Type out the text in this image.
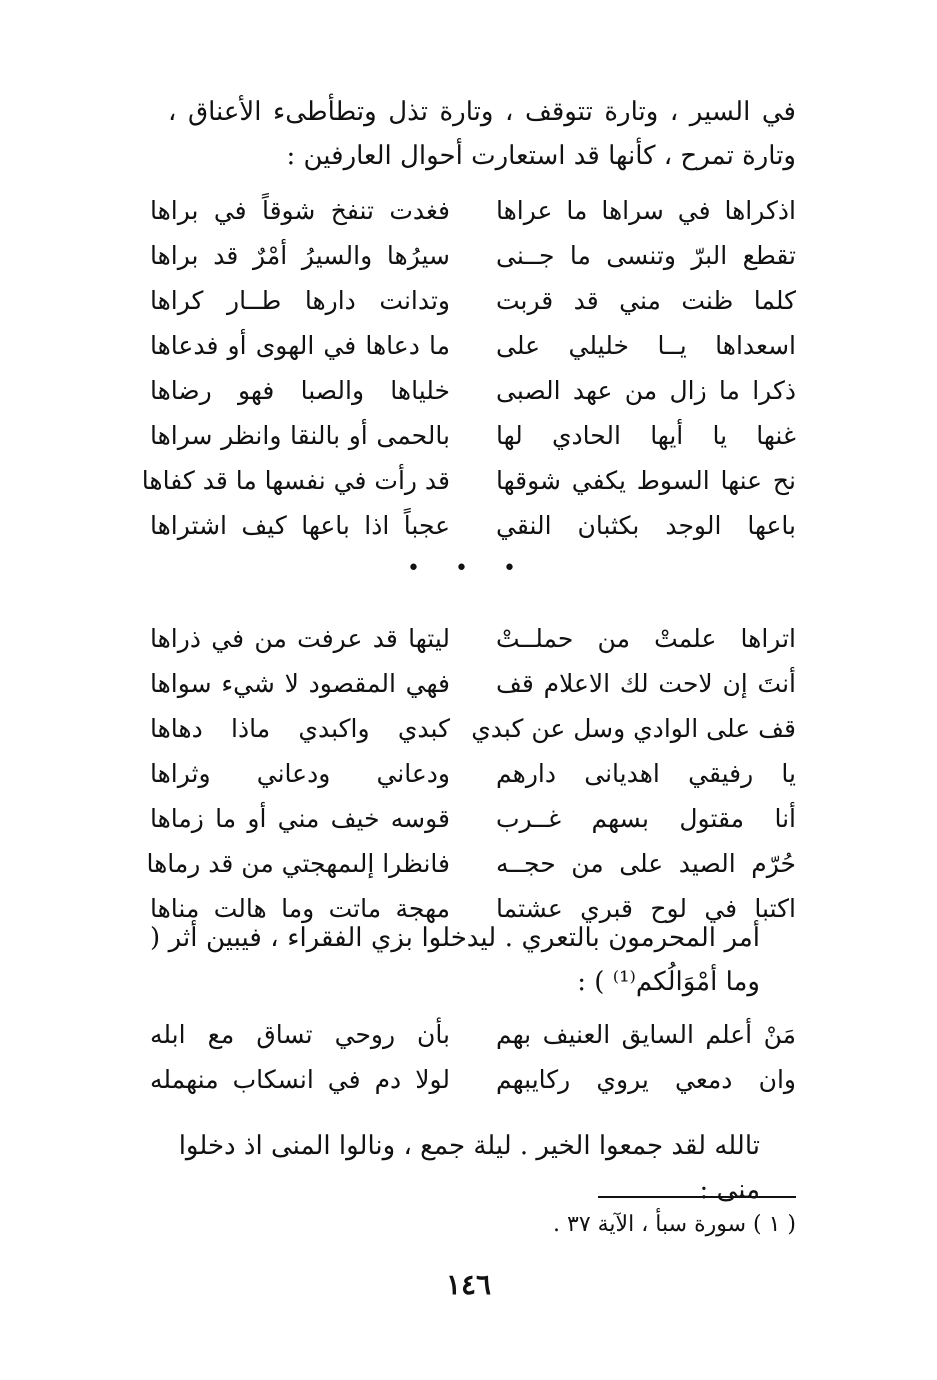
في السير ، وتارة تتوقف ، وتارة تذل وتطأطىء الأعناق ، وتارة تمرح ، كأنها قد استعارت أحوال العارفين :

اذكراها في سراها ما عراها
فغدت تنفخ شوقاً في براها
تقطع البرّ وتنسى ما جــنى
سيرُها والسيرُ أمْرٌ قد براها
كلما ظنت مني قد قربت
وتدانت دارها طــار كراها
اسعداها يــا خليلي على
ما دعاها في الهوى أو فدعاها
ذكرا ما زال من عهد الصبى
خلياها والصبا فهو رضاها
غنها يا أيها الحادي لها
بالحمى أو بالنقا وانظر سراها
نح عنها السوط يكفي شوقها
قد رأت في نفسها ما قد كفاها
باعها الوجد بكثبان النقي
عجباً اذا باعها كيف اشتراها

• • •

اتراها علمتْ من حملــتْ
ليتها قد عرفت من في ذراها
أنتَ إن لاحت لك الاعلام قف
فهي المقصود لا شيء سواها
قف على الوادي وسل عن كبدي
كبدي واكبدي ماذا دهاها
يا رفيقي اهديانى دارهم
ودعاني ودعاني وثراها
أنا مقتول بسهم غــرب
قوسه خيف مني أو ما زماها
حُرّم الصيد على من حجــه
فانظرا إلىمهجتي من قد رماها
اكتبا في لوح قبري عشتما
مهجة ماتت وما هالت مناها

أمر المحرمون بالتعري . ليدخلوا بزي الفقراء ، فيبين أثر ( وما أمْوَالُكم⁽¹⁾ ) :

مَنْ أعلم السايق العنيف بهم
بأن روحي تساق مع ابله
وان دمعي يروي ركايبهم
لولا دم في انسكاب منهمله

تالله لقد جمعوا الخير . ليلة جمع ، ونالوا المنى اذ دخلوا منى :

( ١ ) سورة سبأ ، الآية ٣٧ .

١٤٦
